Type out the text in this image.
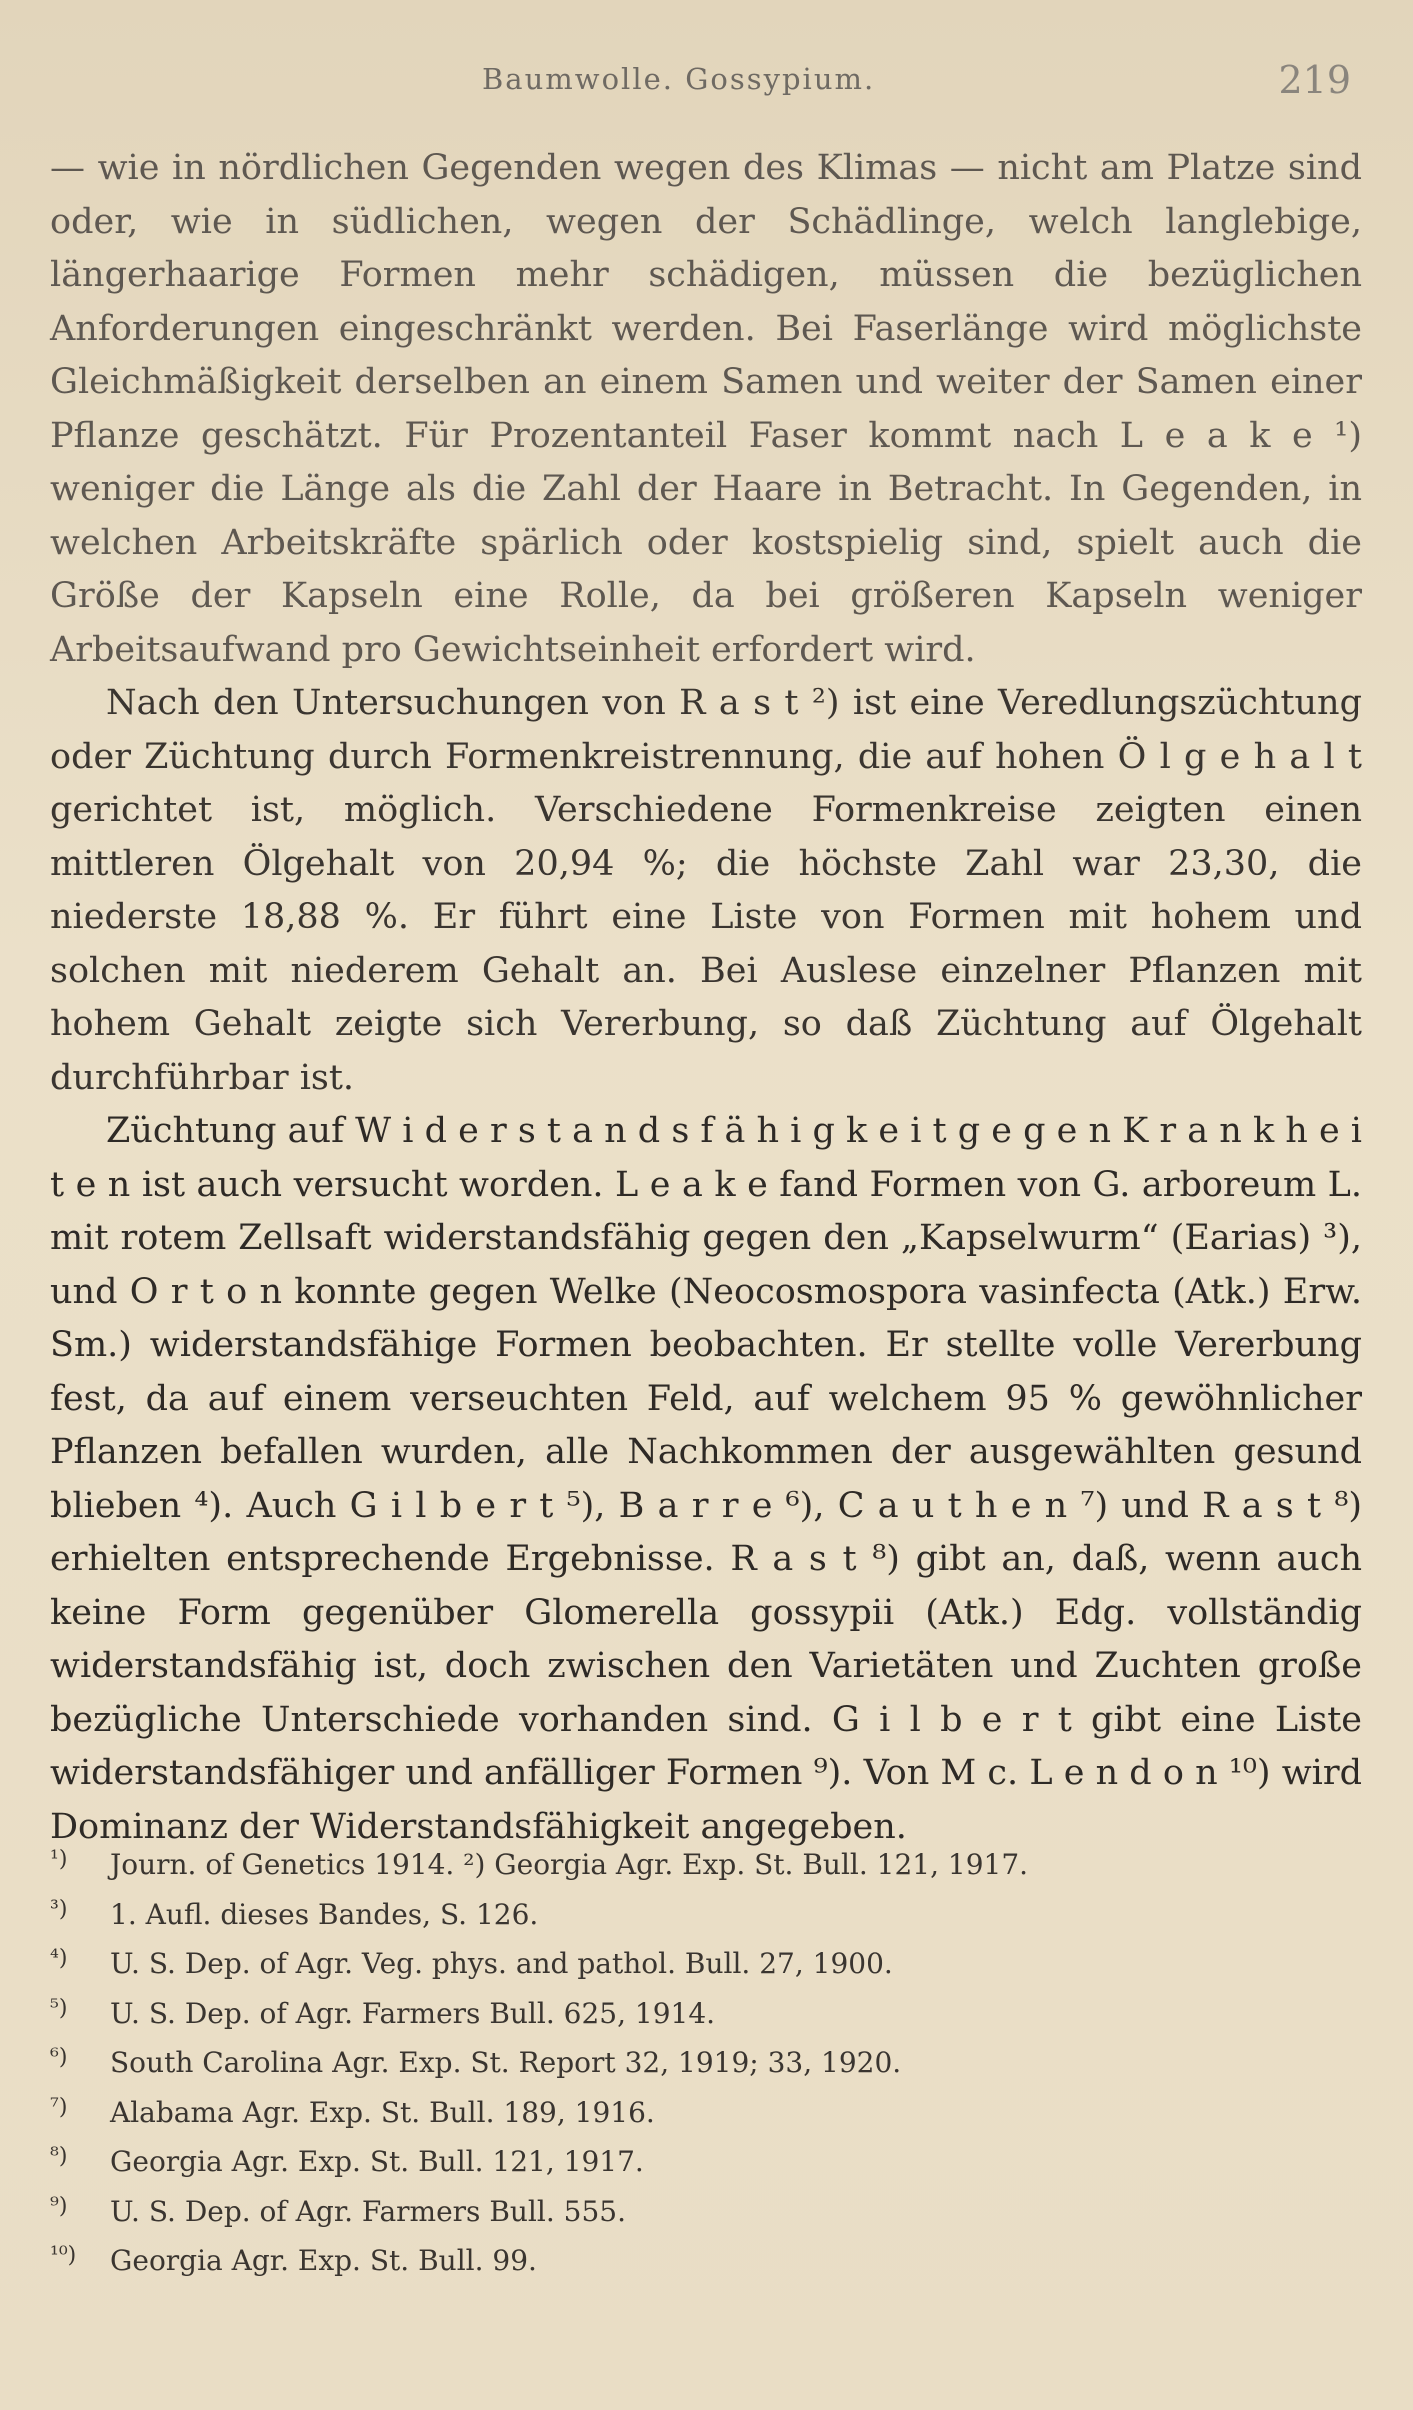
Baumwolle. Gossypium.	219

— wie in nördlichen Gegenden wegen des Klimas — nicht am Platze sind oder, wie in südlichen, wegen der Schädlinge, welch langlebige, längerhaarige Formen mehr schädigen, müssen die bezüglichen Anforderungen eingeschränkt werden. Bei Faserlänge wird möglichste Gleichmäßigkeit derselben an einem Samen und weiter der Samen einer Pflanze geschätzt. Für Prozentanteil Faser kommt nach L e a k e ¹) weniger die Länge als die Zahl der Haare in Betracht. In Gegenden, in welchen Arbeitskräfte spärlich oder kostspielig sind, spielt auch die Größe der Kapseln eine Rolle, da bei größeren Kapseln weniger Arbeitsaufwand pro Gewichtseinheit erfordert wird.

Nach den Untersuchungen von R a s t ²) ist eine Veredlungszüchtung oder Züchtung durch Formenkreistrennung, die auf hohen Ö l g e h a l t gerichtet ist, möglich. Verschiedene Formenkreise zeigten einen mittleren Ölgehalt von 20,94 %; die höchste Zahl war 23,30, die niederste 18,88 %. Er führt eine Liste von Formen mit hohem und solchen mit niederem Gehalt an. Bei Auslese einzelner Pflanzen mit hohem Gehalt zeigte sich Vererbung, so daß Züchtung auf Ölgehalt durchführbar ist.

Züchtung auf W i d e r s t a n d s f ä h i g k e i t g e g e n K r a n k h e i t e n ist auch versucht worden. L e a k e fand Formen von G. arboreum L. mit rotem Zellsaft widerstandsfähig gegen den „Kapselwurm“ (Earias) ³), und O r t o n konnte gegen Welke (Neocosmospora vasinfecta (Atk.) Erw. Sm.) widerstandsfähige Formen beobachten. Er stellte volle Vererbung fest, da auf einem verseuchten Feld, auf welchem 95 % gewöhnlicher Pflanzen befallen wurden, alle Nachkommen der ausgewählten gesund blieben ⁴). Auch G i l b e r t ⁵), B a r r e ⁶), C a u t h e n ⁷) und R a s t ⁸) erhielten entsprechende Ergebnisse. R a s t ⁸) gibt an, daß, wenn auch keine Form gegenüber Glomerella gossypii (Atk.) Edg. vollständig widerstandsfähig ist, doch zwischen den Varietäten und Zuchten große bezügliche Unterschiede vorhanden sind. G i l b e r t gibt eine Liste widerstandsfähiger und anfälliger Formen ⁹). Von M c. L e n d o n ¹⁰) wird Dominanz der Widerstandsfähigkeit angegeben.

¹) Journ. of Genetics 1914. ²) Georgia Agr. Exp. St. Bull. 121, 1917.
³) 1. Aufl. dieses Bandes, S. 126.
⁴) U. S. Dep. of Agr. Veg. phys. and pathol. Bull. 27, 1900.
⁵) U. S. Dep. of Agr. Farmers Bull. 625, 1914.
⁶) South Carolina Agr. Exp. St. Report 32, 1919; 33, 1920.
⁷) Alabama Agr. Exp. St. Bull. 189, 1916.
⁸) Georgia Agr. Exp. St. Bull. 121, 1917.
⁹) U. S. Dep. of Agr. Farmers Bull. 555.
¹⁰) Georgia Agr. Exp. St. Bull. 99.
